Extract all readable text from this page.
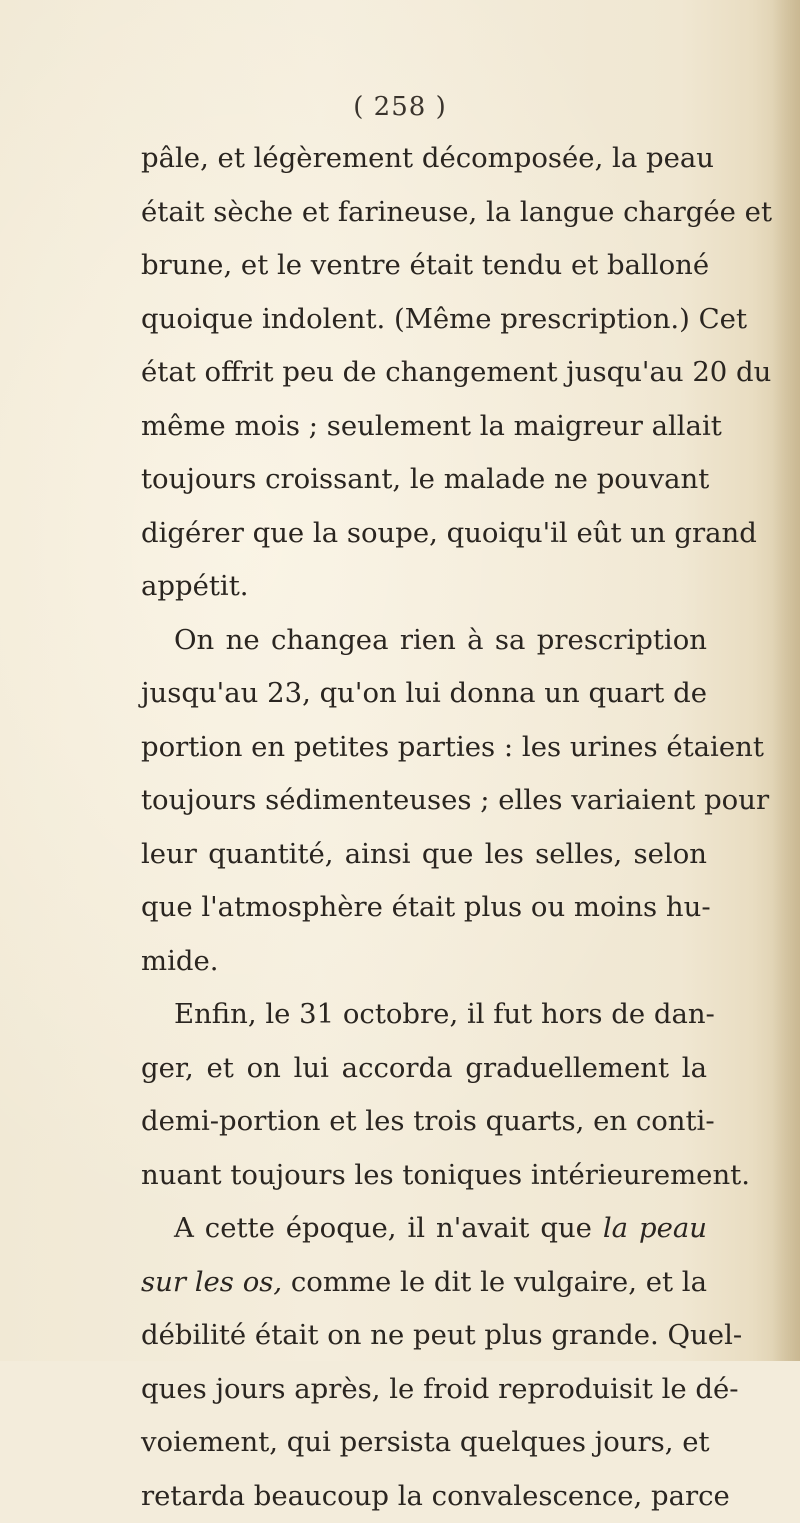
( 258 )
pâle, et légèrement décomposée, la peau
était sèche et farineuse, la langue chargée et
brune, et le ventre était tendu et balloné
quoique indolent. (Même prescription.) Cet
état offrit peu de changement jusqu'au 20 du
même mois ; seulement la maigreur allait
toujours croissant, le malade ne pouvant
digérer que la soupe, quoiqu'il eût un grand
appétit.
On ne changea rien à sa prescription
jusqu'au 23, qu'on lui donna un quart de
portion en petites parties : les urines étaient
toujours sédimenteuses ; elles variaient pour
leur quantité, ainsi que les selles, selon
que l'atmosphère était plus ou moins hu-
mide.
Enfin, le 31 octobre, il fut hors de dan-
ger, et on lui accorda graduellement la
demi-portion et les trois quarts, en conti-
nuant toujours les toniques intérieurement.
A cette époque, il n'avait que la peau
sur les os, comme le dit le vulgaire, et la
débilité était on ne peut plus grande. Quel-
ques jours après, le froid reproduisit le dé-
voiement, qui persista quelques jours, et
retarda beaucoup la convalescence, parce
